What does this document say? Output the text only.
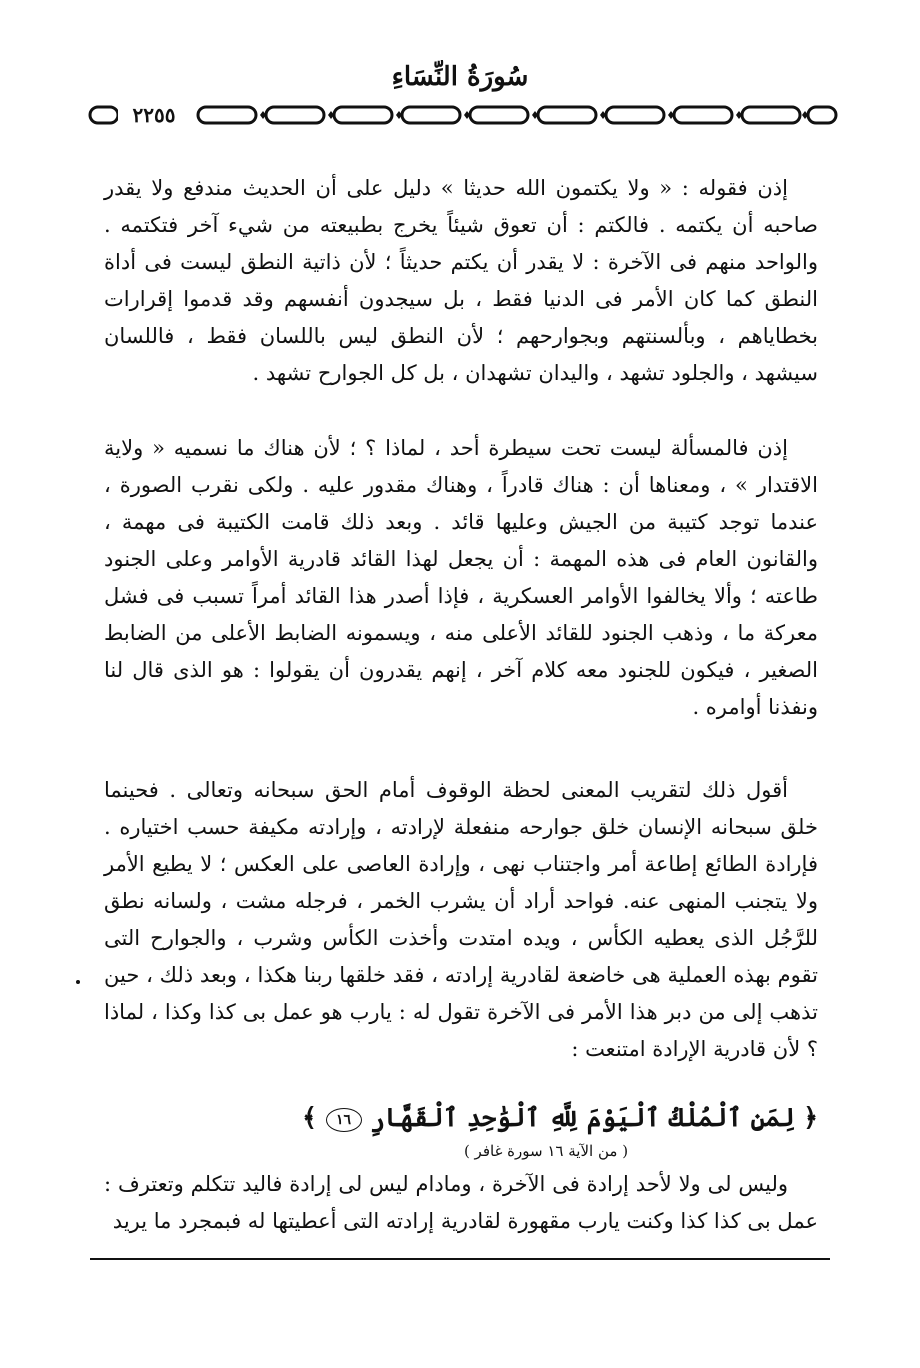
سُورَةُ النِّسَاءِ
٢٢٥٥

إذن فقوله : « ولا يكتمون الله حديثا » دليل على أن الحديث مندفع ولا يقدر صاحبه أن يكتمه . فالكتم : أن تعوق شيئاً يخرج بطبيعته من شيء آخر فتكتمه . والواحد منهم فى الآخرة : لا يقدر أن يكتم حديثاً ؛ لأن ذاتية النطق ليست فى أداة النطق كما كان الأمر فى الدنيا فقط ، بل سيجدون أنفسهم وقد قدموا إقرارات بخطاياهم ، وبألسنتهم وبجوارحهم ؛ لأن النطق ليس باللسان فقط ، فاللسان سيشهد ، والجلود تشهد ، واليدان تشهدان ، بل كل الجوارح تشهد .

إذن فالمسألة ليست تحت سيطرة أحد ، لماذا ؟ ؛ لأن هناك ما نسميه « ولاية الاقتدار » ، ومعناها أن : هناك قادراً ، وهناك مقدور عليه . ولكى نقرب الصورة ، عندما توجد كتيبة من الجيش وعليها قائد . وبعد ذلك قامت الكتيبة فى مهمة ، والقانون العام فى هذه المهمة : أن يجعل لهذا القائد قادرية الأوامر وعلى الجنود طاعته ؛ وألا يخالفوا الأوامر العسكرية ، فإذا أصدر هذا القائد أمراً تسبب فى فشل معركة ما ، وذهب الجنود للقائد الأعلى منه ، ويسمونه الضابط الأعلى من الضابط الصغير ، فيكون للجنود معه كلام آخر ، إنهم يقدرون أن يقولوا : هو الذى قال لنا ونفذنا أوامره .

أقول ذلك لتقريب المعنى لحظة الوقوف أمام الحق سبحانه وتعالى . فحينما خلق سبحانه الإنسان خلق جوارحه منفعلة لإرادته ، وإرادته مكيفة حسب اختياره . فإرادة الطائع إطاعة أمر واجتناب نهى ، وإرادة العاصى على العكس ؛ لا يطيع الأمر ولا يتجنب المنهى عنه. فواحد أراد أن يشرب الخمر ، فرجله مشت ، ولسانه نطق للرَّجُل الذى يعطيه الكأس ، ويده امتدت وأخذت الكأس وشرب ، والجوارح التى تقوم بهذه العملية هى خاضعة لقادرية إرادته ، فقد خلقها ربنا هكذا ، وبعد ذلك ، حين تذهب إلى من دبر هذا الأمر فى الآخرة تقول له : يارب هو عمل بى كذا وكذا ، لماذا ؟ لأن قادرية الإرادة امتنعت :

﴿ لِمَنِ ٱلْمُلْكُ ٱلْيَوْمَ لِلَّهِ ٱلْوَٰحِدِ ٱلْقَهَّارِ ١٦ ﴾
( من الآية ١٦ سورة غافر )

وليس لى ولا لأحد إرادة فى الآخرة ، ومادام ليس لى إرادة فاليد تتكلم وتعترف : عمل بى كذا كذا وكنت يارب مقهورة لقادرية إرادته التى أعطيتها له فبمجرد ما يريد
